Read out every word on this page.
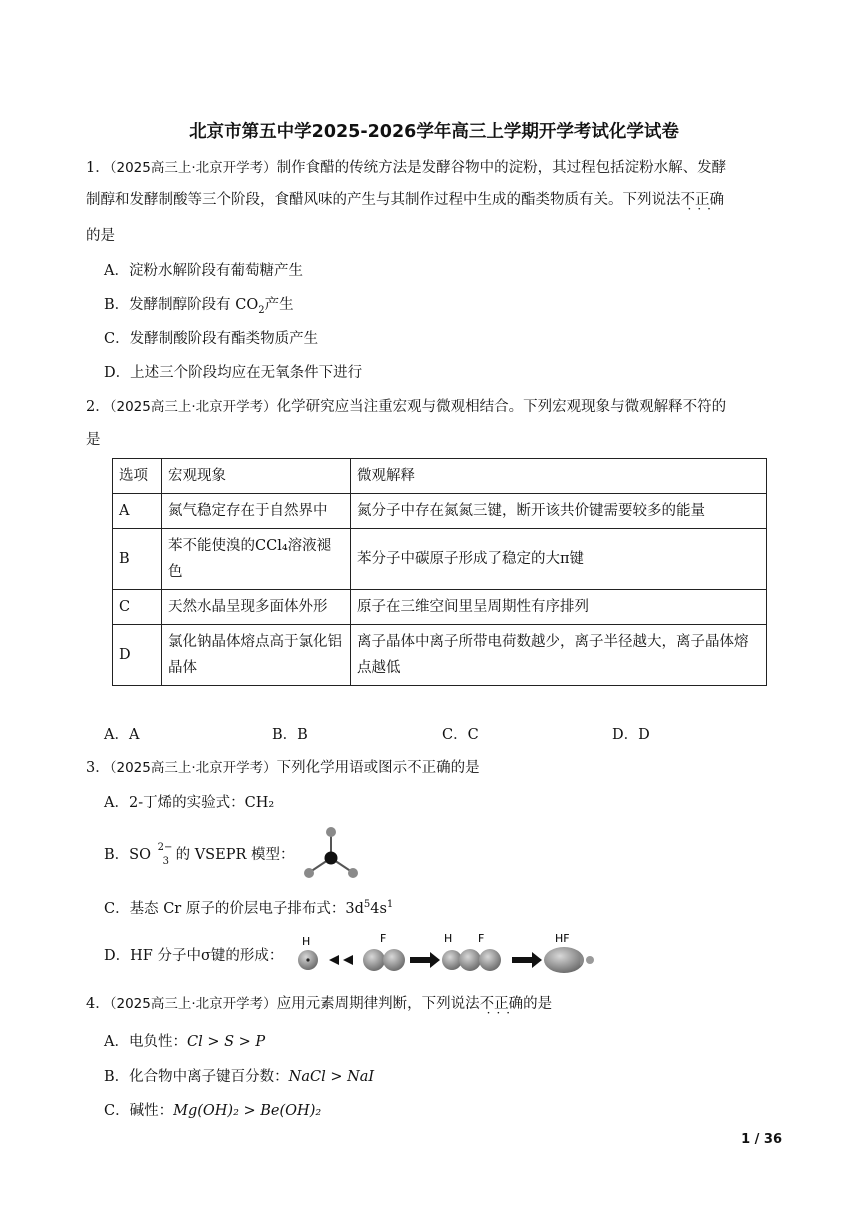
北京市第五中学2025-2026学年高三上学期开学考试化学试卷
1．（2025高三上·北京开学考）制作食醋的传统方法是发酵谷物中的淀粉，其过程包括淀粉水解、发酵
制醇和发酵制酸等三个阶段，食醋风味的产生与其制作过程中生成的酯类物质有关。下列说法不正确 ···
的是
A．淀粉水解阶段有葡萄糖产生
B．发酵制醇阶段有 $CO_2$产生
C．发酵制酸阶段有酯类物质产生
D．上述三个阶段均应在无氧条件下进行
2．（2025高三上·北京开学考）化学研究应当注重宏观与微观相结合。下列宏观现象与微观解释不符的
是
选项	宏观现象	微观解释
A	氮气稳定存在于自然界中	氮分子中存在氮氮三键，断开该共价键需要较多的能量
B	苯不能使溴的CCl₄溶液褪色	苯分子中碳原子形成了稳定的大π键
C	天然水晶呈现多面体外形	原子在三维空间里呈周期性有序排列
D	氯化钠晶体熔点高于氯化铝晶体	离子晶体中离子所带电荷数越少，离子半径越大，离子晶体熔点越低
A．A	B．B	C．C	D．D
3．（2025高三上·北京开学考）下列化学用语或图示不正确的是
A．2-丁烯的实验式：CH₂
B．SO 2−
3 的 VSEPR 模型：
C．基态 Cr 原子的价层电子排布式：$3d^54s^1$
D．HF 分子中σ键的形成：
H	F	H F	HF
4．（2025高三上·北京开学考）应用元素周期律判断，下列说法不正确 ···的是
A．电负性：Cl > S > P
B．化合物中离子键百分数：NaCl > NaI
C．碱性：Mg(OH)₂ > Be(OH)₂
1 / 36
